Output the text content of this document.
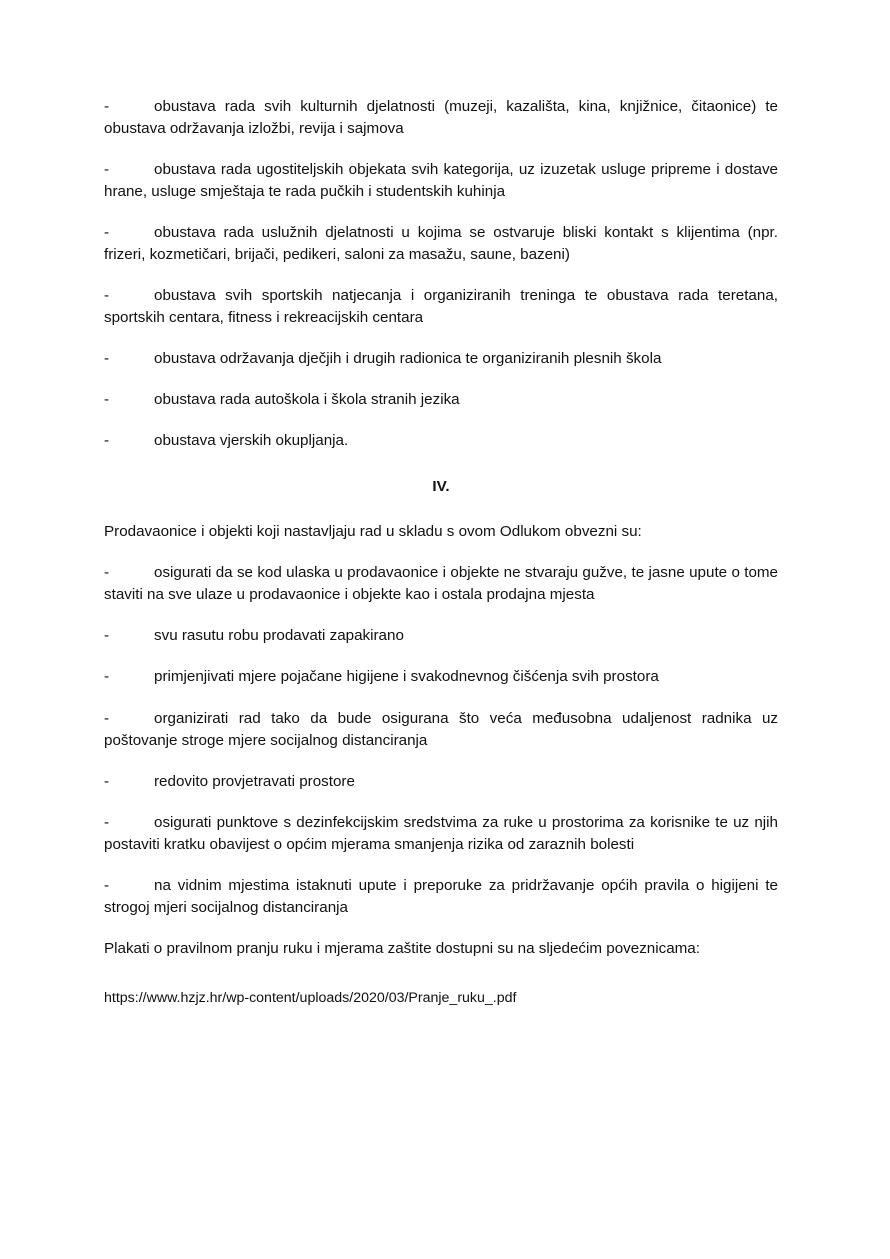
-	obustava rada svih kulturnih djelatnosti (muzeji, kazališta, kina, knjižnice, čitaonice) te obustava održavanja izložbi, revija i sajmova

-	obustava rada ugostiteljskih objekata svih kategorija, uz izuzetak usluge pripreme i dostave hrane, usluge smještaja te rada pučkih i studentskih kuhinja

-	obustava rada uslužnih djelatnosti u kojima se ostvaruje bliski kontakt s klijentima (npr. frizeri, kozmetičari, brijači, pedikeri, saloni za masažu, saune, bazeni)

-	obustava svih sportskih natjecanja i organiziranih treninga te obustava rada teretana, sportskih centara, fitness i rekreacijskih centara

-	obustava održavanja dječjih i drugih radionica te organiziranih plesnih škola

-	obustava rada autoškola i škola stranih jezika

-	obustava vjerskih okupljanja.

IV.

Prodavaonice i objekti koji nastavljaju rad u skladu s ovom Odlukom obvezni su:

-	osigurati da se kod ulaska u prodavaonice i objekte ne stvaraju gužve, te jasne upute o tome staviti na sve ulaze u prodavaonice i objekte kao i ostala prodajna mjesta

-	svu rasutu robu prodavati zapakirano

-	primjenjivati mjere pojačane higijene i svakodnevnog čišćenja svih prostora

-	organizirati rad tako da bude osigurana što veća međusobna udaljenost radnika uz poštovanje stroge mjere socijalnog distanciranja

-	redovito provjetravati prostore

-	osigurati punktove s dezinfekcijskim sredstvima za ruke u prostorima za korisnike te uz njih postaviti kratku obavijest o općim mjerama smanjenja rizika od zaraznih bolesti

-	na vidnim mjestima istaknuti upute i preporuke za pridržavanje općih pravila o higijeni te strogoj mjeri socijalnog distanciranja

Plakati o pravilnom pranju ruku i mjerama zaštite dostupni su na sljedećim poveznicama:

https://www.hzjz.hr/wp-content/uploads/2020/03/Pranje_ruku_.pdf
